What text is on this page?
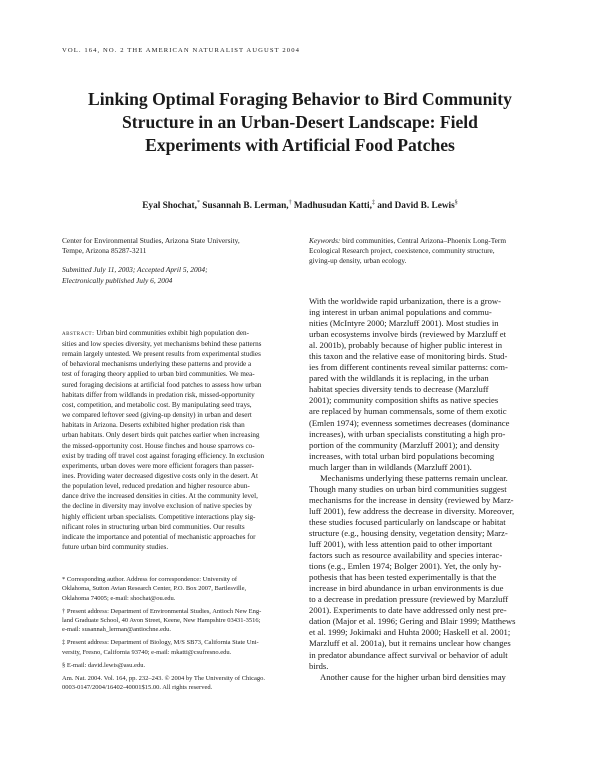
VOL. 164, NO. 2 THE AMERICAN NATURALIST AUGUST 2004
Linking Optimal Foraging Behavior to Bird Community
Structure in an Urban-Desert Landscape: Field
Experiments with Artificial Food Patches
Eyal Shochat,* Susannah B. Lerman,† Madhusudan Katti,‡ and David B. Lewis§
Center for Environmental Studies, Arizona State University,
Tempe, Arizona 85287-3211
Submitted July 11, 2003; Accepted April 5, 2004;
Electronically published July 6, 2004
abstract: Urban bird communities exhibit high population den-
sities and low species diversity, yet mechanisms behind these patterns
remain largely untested. We present results from experimental studies
of behavioral mechanisms underlying these patterns and provide a
test of foraging theory applied to urban bird communities. We mea-
sured foraging decisions at artificial food patches to assess how urban
habitats differ from wildlands in predation risk, missed-opportunity
cost, competition, and metabolic cost. By manipulating seed trays,
we compared leftover seed (giving-up density) in urban and desert
habitats in Arizona. Deserts exhibited higher predation risk than
urban habitats. Only desert birds quit patches earlier when increasing
the missed-opportunity cost. House finches and house sparrows co-
exist by trading off travel cost against foraging efficiency. In exclusion
experiments, urban doves were more efficient foragers than passer-
ines. Providing water decreased digestive costs only in the desert. At
the population level, reduced predation and higher resource abun-
dance drive the increased densities in cities. At the community level,
the decline in diversity may involve exclusion of native species by
highly efficient urban specialists. Competitive interactions play sig-
nificant roles in structuring urban bird communities. Our results
indicate the importance and potential of mechanistic approaches for
future urban bird community studies.

* Corresponding author. Address for correspondence: University of
Oklahoma, Sutton Avian Research Center, P.O. Box 2007, Bartlesville,
Oklahoma 74005; e-mail: shochat@ou.edu.

† Present address: Department of Environmental Studies, Antioch New Eng-
land Graduate School, 40 Avon Street, Keene, New Hampshire 03431-3516;
e-mail: susannah_lerman@antiochne.edu.

‡ Present address: Department of Biology, M/S SB73, California State Uni-
versity, Fresno, California 93740; e-mail: mkatti@csufresno.edu.

§ E-mail: david.lewis@asu.edu.

Am. Nat. 2004. Vol. 164, pp. 232–243. © 2004 by The University of Chicago.
0003-0147/2004/16402-40001$15.00. All rights reserved.

Keywords: bird communities, Central Arizona–Phoenix Long-Term
Ecological Research project, coexistence, community structure,
giving-up density, urban ecology.
With the worldwide rapid urbanization, there is a grow-
ing interest in urban animal populations and commu-
nities (McIntyre 2000; Marzluff 2001). Most studies in
urban ecosystems involve birds (reviewed by Marzluff et
al. 2001b), probably because of higher public interest in
this taxon and the relative ease of monitoring birds. Stud-
ies from different continents reveal similar patterns: com-
pared with the wildlands it is replacing, in the urban
habitat species diversity tends to decrease (Marzluff
2001); community composition shifts as native species
are replaced by human commensals, some of them exotic
(Emlen 1974); evenness sometimes decreases (dominance
increases), with urban specialists constituting a high pro-
portion of the community (Marzluff 2001); and density
increases, with total urban bird populations becoming
much larger than in wildlands (Marzluff 2001).
Mechanisms underlying these patterns remain unclear.
Though many studies on urban bird communities suggest
mechanisms for the increase in density (reviewed by Marz-
luff 2001), few address the decrease in diversity. Moreover,
these studies focused particularly on landscape or habitat
structure (e.g., housing density, vegetation density; Marz-
luff 2001), with less attention paid to other important
factors such as resource availability and species interac-
tions (e.g., Emlen 1974; Bolger 2001). Yet, the only hy-
pothesis that has been tested experimentally is that the
increase in bird abundance in urban environments is due
to a decrease in predation pressure (reviewed by Marzluff
2001). Experiments to date have addressed only nest pre-
dation (Major et al. 1996; Gering and Blair 1999; Matthews
et al. 1999; Jokimaki and Huhta 2000; Haskell et al. 2001;
Marzluff et al. 2001a), but it remains unclear how changes
in predator abundance affect survival or behavior of adult
birds.
Another cause for the higher urban bird densities may
